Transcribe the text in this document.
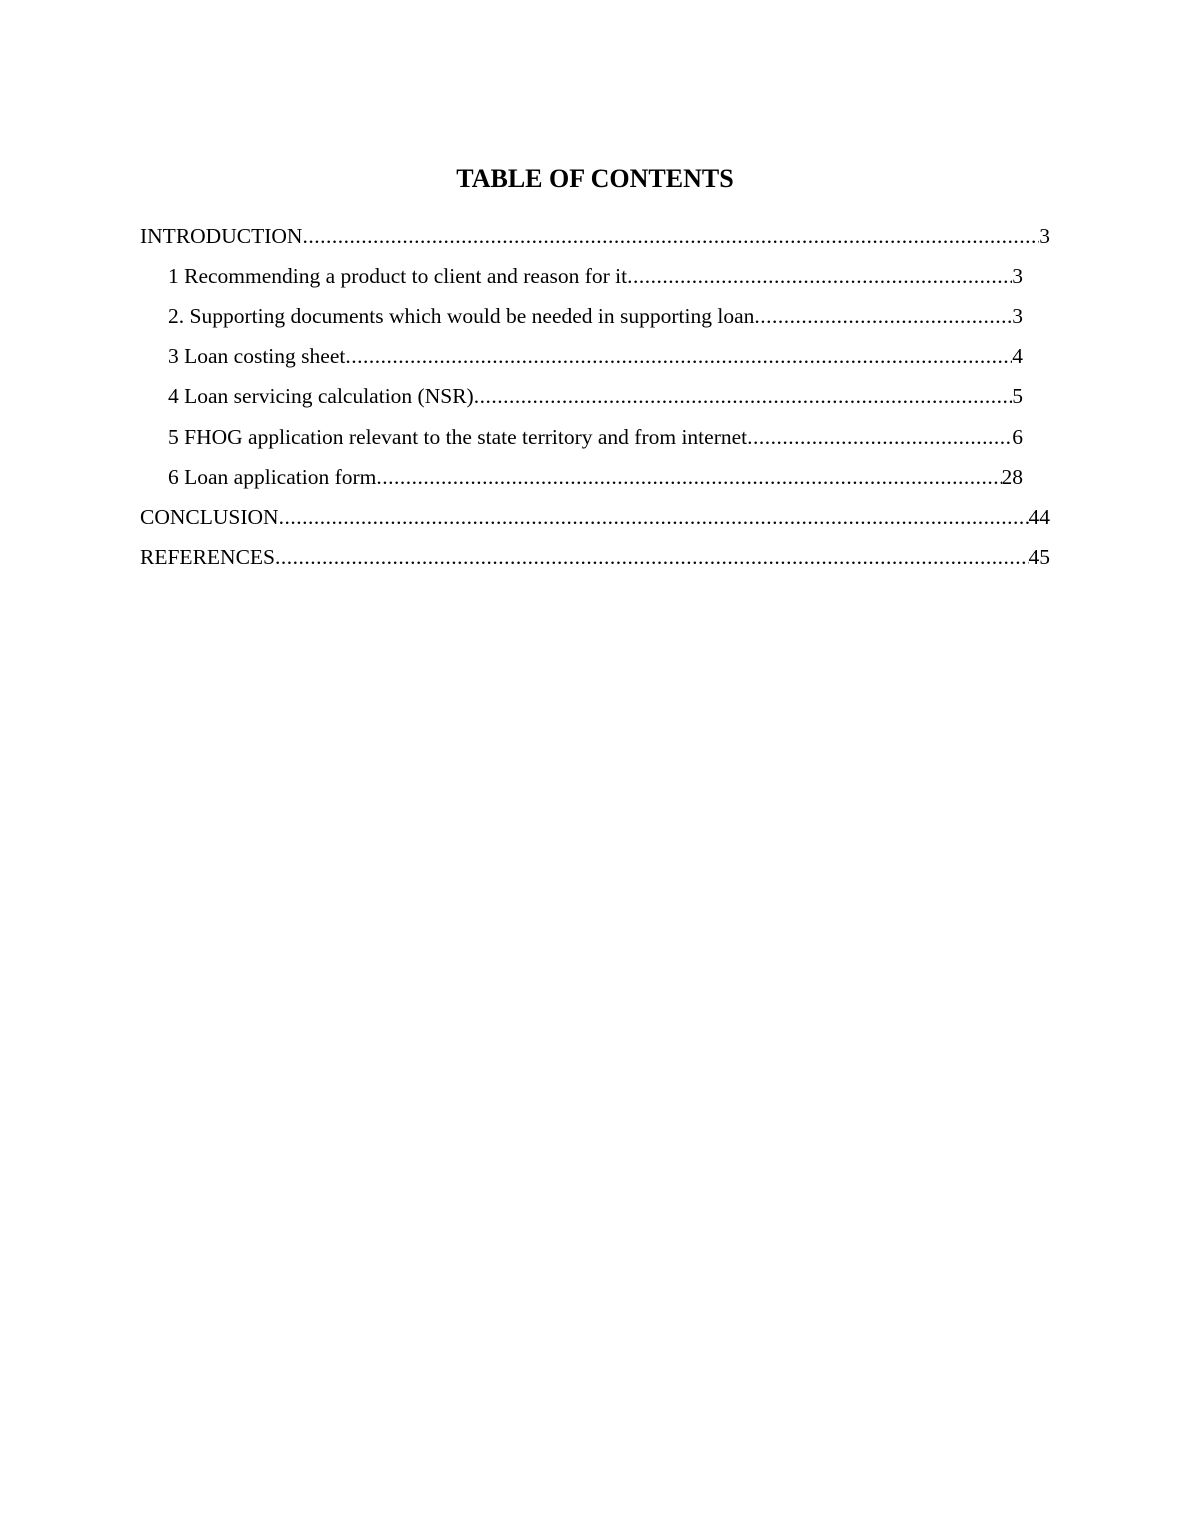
TABLE OF CONTENTS
INTRODUCTION .....	3
1 Recommending a product to client and reason for it .....	3
2. Supporting documents which would be needed in supporting loan .....	3
3 Loan costing sheet .....	4
4 Loan servicing calculation (NSR) .....	5
5 FHOG application relevant to the state territory and from internet .....	6
6 Loan application form .....	28
CONCLUSION .....	44
REFERENCES .....	45
